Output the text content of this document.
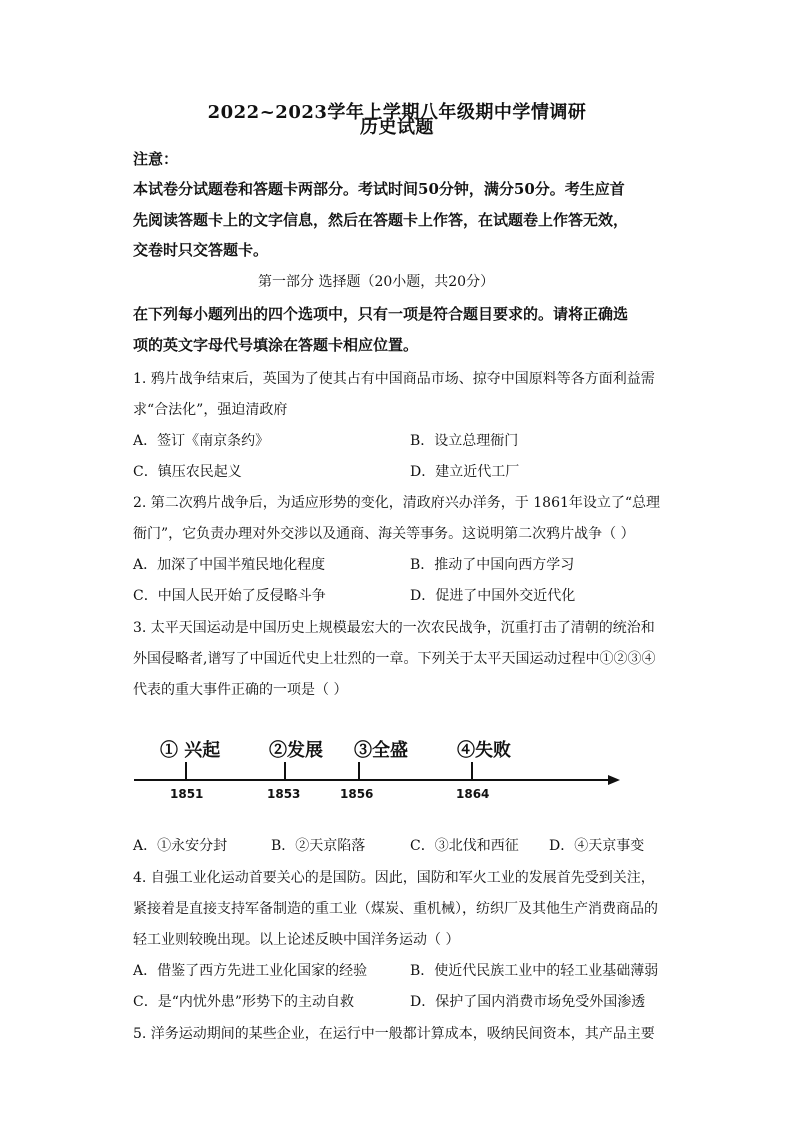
2022~2023学年上学期八年级期中学情调研
历史试题
注意：
本试卷分试题卷和答题卡两部分。考试时间50分钟，满分50分。考生应首
先阅读答题卡上的文字信息，然后在答题卡上作答，在试题卷上作答无效，
交卷时只交答题卡。
第一部分 选择题（20小题，共20分）
在下列每小题列出的四个选项中，只有一项是符合题目要求的。请将正确选
项的英文字母代号填涂在答题卡相应位置。
1. 鸦片战争结束后，英国为了使其占有中国商品市场、掠夺中国原料等各方面利益需
求“合法化”，强迫清政府
A．签订《南京条约》	B．设立总理衙门
C．镇压农民起义	D．建立近代工厂
2. 第二次鸦片战争后，为适应形势的变化，清政府兴办洋务，于 1861年设立了“总理
衙门”，它负责办理对外交涉以及通商、海关等事务。这说明第二次鸦片战争（ ）
A．加深了中国半殖民地化程度	B．推动了中国向西方学习
C．中国人民开始了反侵略斗争	D．促进了中国外交近代化
3. 太平天国运动是中国历史上规模最宏大的一次农民战争，沉重打击了清朝的统治和
外国侵略者,谱写了中国近代史上壮烈的一章。下列关于太平天国运动过程中①②③④
代表的重大事件正确的一项是（ ）
① 兴起	②发展 ③全盛	④失败
1851	1853	1856	1864
A．①永安分封	B．②天京陷落	C．③北伐和西征 D．④天京事变
4. 自强工业化运动首要关心的是国防。因此，国防和军火工业的发展首先受到关注，
紧接着是直接支持军备制造的重工业（煤炭、重机械），纺织厂及其他生产消费商品的
轻工业则较晚出现。以上论述反映中国洋务运动（ ）
A．借鉴了西方先进工业化国家的经验	B．使近代民族工业中的轻工业基础薄弱
C．是“内忧外患”形势下的主动自救	D．保护了国内消费市场免受外国渗透
5. 洋务运动期间的某些企业，在运行中一般都计算成本，吸纳民间资本，其产品主要
